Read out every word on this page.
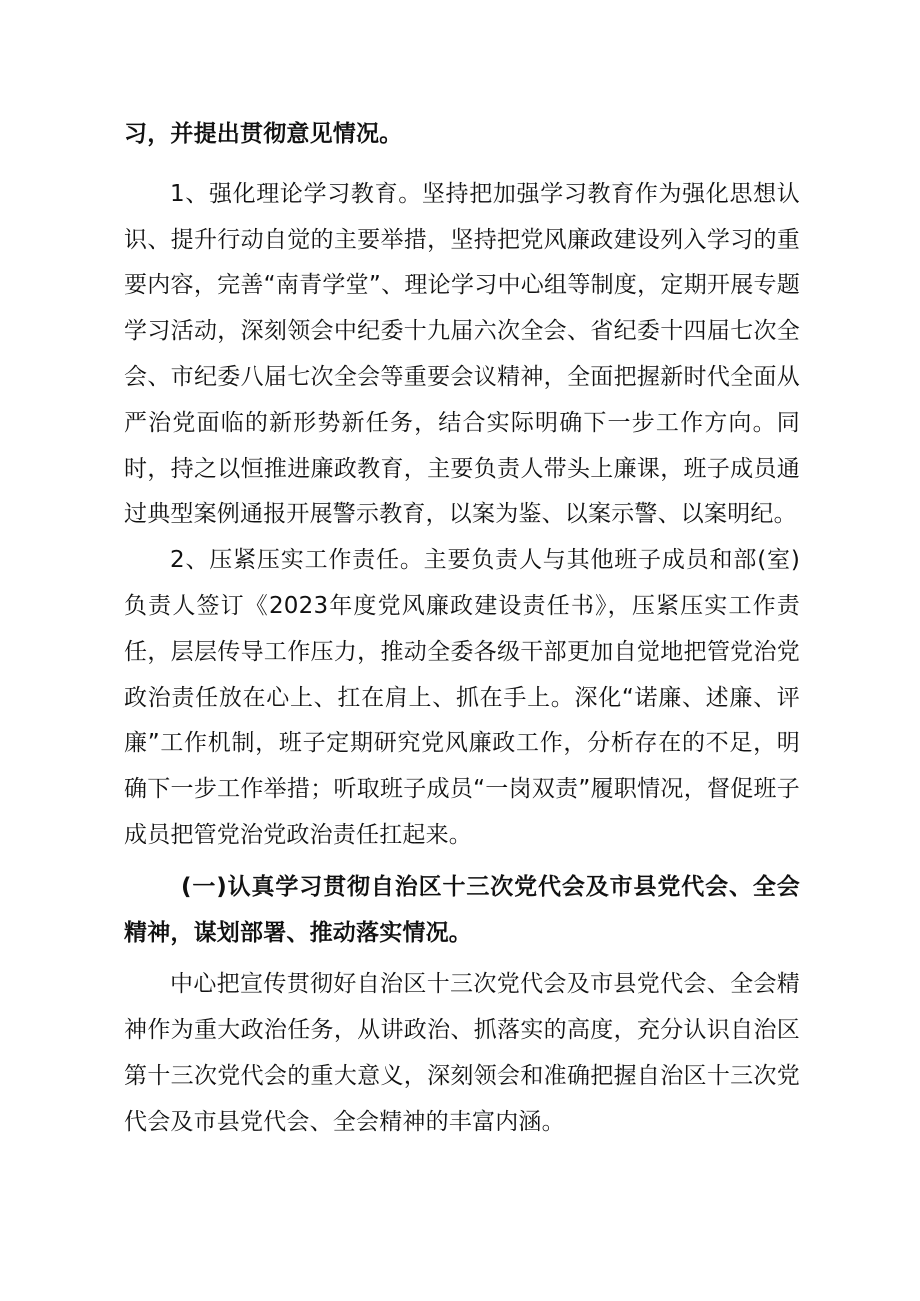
习，并提出贯彻意见情况。

1、强化理论学习教育。坚持把加强学习教育作为强化思想认识、提升行动自觉的主要举措，坚持把党风廉政建设列入学习的重要内容，完善“南青学堂”、理论学习中心组等制度，定期开展专题学习活动，深刻领会中纪委十九届六次全会、省纪委十四届七次全会、市纪委八届七次全会等重要会议精神，全面把握新时代全面从严治党面临的新形势新任务，结合实际明确下一步工作方向。同时，持之以恒推进廉政教育，主要负责人带头上廉课，班子成员通过典型案例通报开展警示教育，以案为鉴、以案示警、以案明纪。

2、压紧压实工作责任。主要负责人与其他班子成员和部(室)负责人签订《2023年度党风廉政建设责任书》，压紧压实工作责任，层层传导工作压力，推动全委各级干部更加自觉地把管党治党政治责任放在心上、扛在肩上、抓在手上。深化“诺廉、述廉、评廉”工作机制，班子定期研究党风廉政工作，分析存在的不足，明确下一步工作举措；听取班子成员“一岗双责”履职情况，督促班子成员把管党治党政治责任扛起来。

(一)认真学习贯彻自治区十三次党代会及市县党代会、全会精神，谋划部署、推动落实情况。

中心把宣传贯彻好自治区十三次党代会及市县党代会、全会精神作为重大政治任务，从讲政治、抓落实的高度，充分认识自治区第十三次党代会的重大意义，深刻领会和准确把握自治区十三次党代会及市县党代会、全会精神的丰富内涵。
